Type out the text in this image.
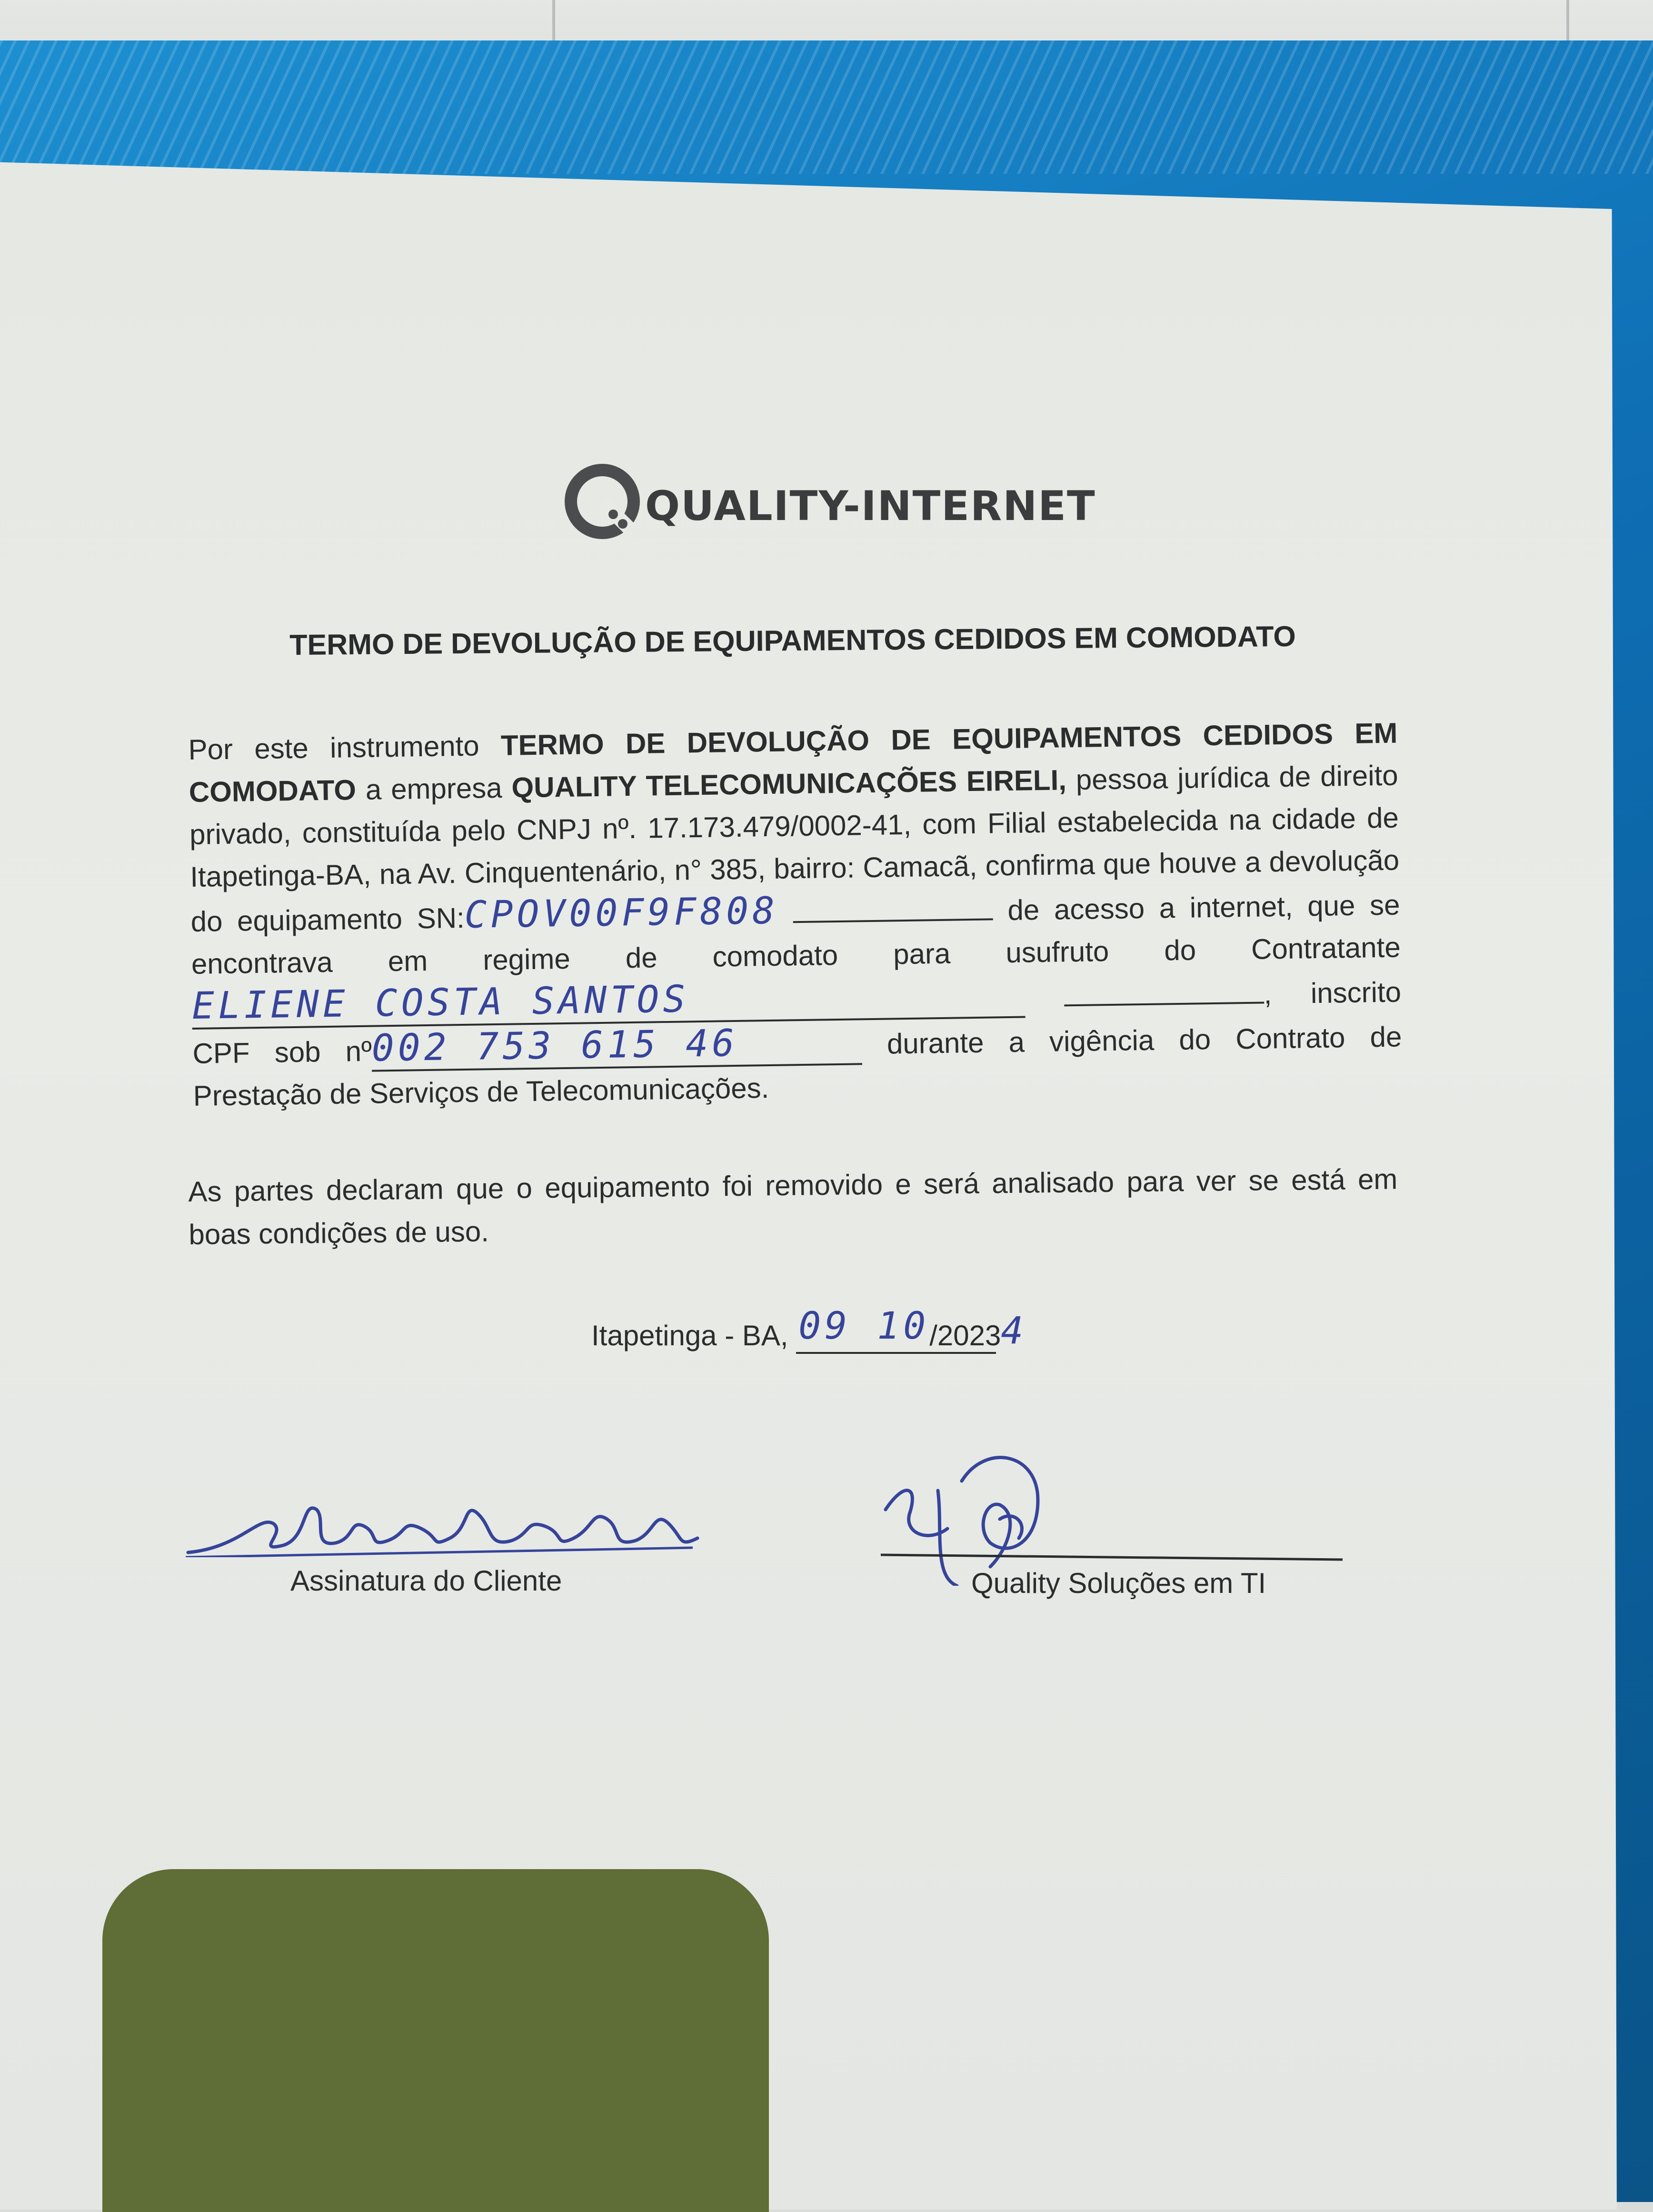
QUALITY-INTERNET
TERMO DE DEVOLUÇÃO DE EQUIPAMENTOS CEDIDOS EM COMODATO
Por este instrumento TERMO DE DEVOLUÇÃO DE EQUIPAMENTOS CEDIDOS EM COMODATO a empresa QUALITY TELECOMUNICAÇÕES EIRELI, pessoa jurídica de direito privado, constituída pelo CNPJ nº. 17.173.479/0002-41, com Filial estabelecida na cidade de Itapetinga-BA, na Av. Cinquentenário, n° 385, bairro: Camacã, confirma que houve a devolução do equipamento SN:CPOV00F9F808	de acesso a internet, que se encontrava em regime de comodato para usufruto do Contratante ELIENE COSTA SANTOS	, inscrito CPF sob nº002 753 615 46	durante a vigência do Contrato de Prestação de Serviços de Telecomunicações.
As partes declaram que o equipamento foi removido e será analisado para ver se está em boas condições de uso.
Itapetinga - BA, 09 10 /2023 4

Assinatura do Cliente	Quality Soluções em TI
